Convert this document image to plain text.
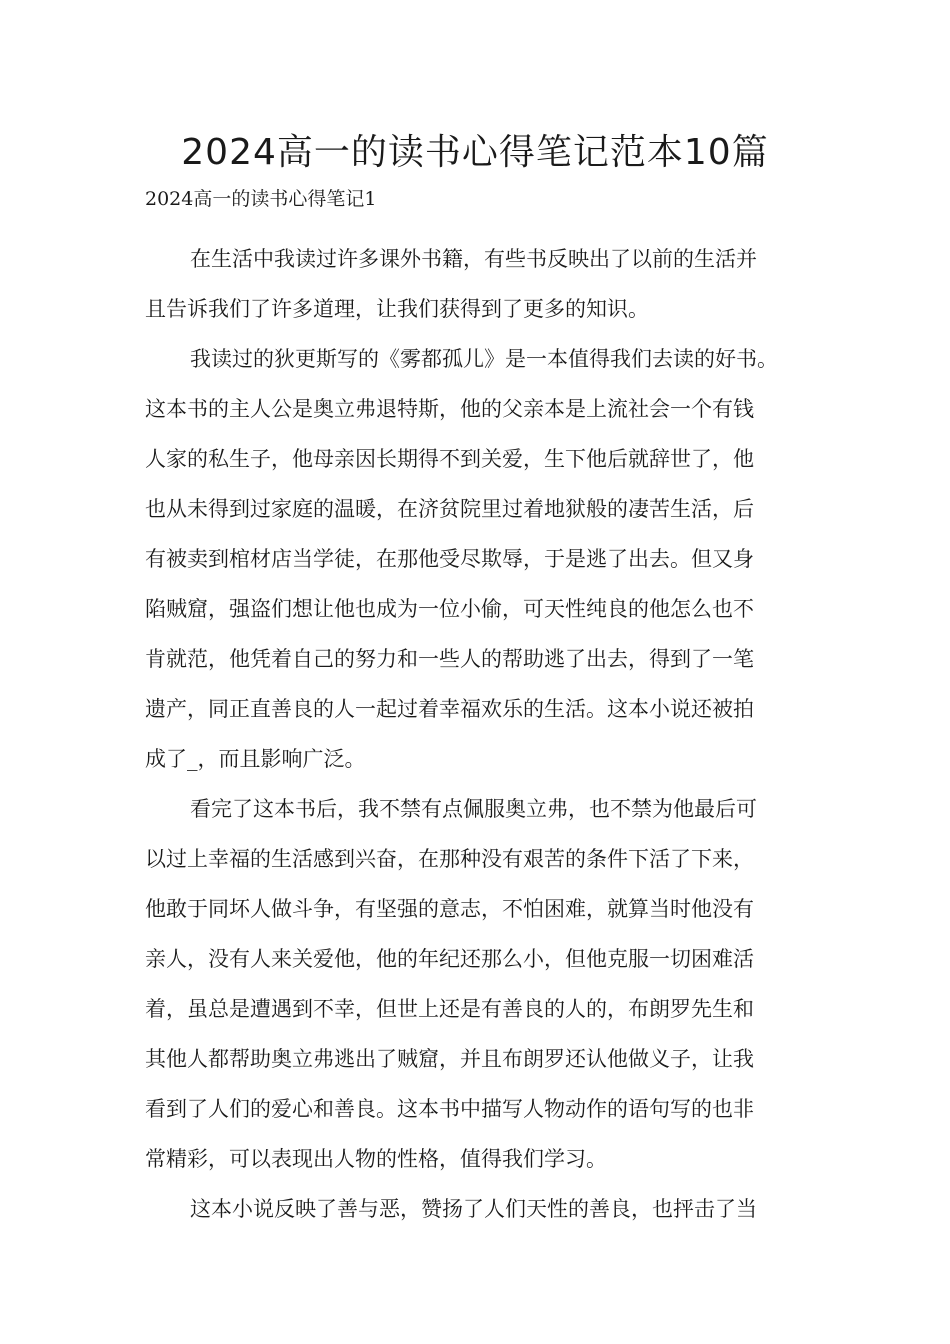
2024高一的读书心得笔记范本10篇

2024高一的读书心得笔记1

在生活中我读过许多课外书籍，有些书反映出了以前的生活并

且告诉我们了许多道理，让我们获得到了更多的知识。

我读过的狄更斯写的《雾都孤儿》是一本值得我们去读的好书。

这本书的主人公是奥立弗退特斯，他的父亲本是上流社会一个有钱

人家的私生子，他母亲因长期得不到关爱，生下他后就辞世了，他

也从未得到过家庭的温暖，在济贫院里过着地狱般的凄苦生活，后

有被卖到棺材店当学徒，在那他受尽欺辱，于是逃了出去。但又身

陷贼窟，强盗们想让他也成为一位小偷，可天性纯良的他怎么也不

肯就范，他凭着自己的努力和一些人的帮助逃了出去，得到了一笔

遗产，同正直善良的人一起过着幸福欢乐的生活。这本小说还被拍

成了_，而且影响广泛。

看完了这本书后，我不禁有点佩服奥立弗，也不禁为他最后可

以过上幸福的生活感到兴奋，在那种没有艰苦的条件下活了下来，

他敢于同坏人做斗争，有坚强的意志，不怕困难，就算当时他没有

亲人，没有人来关爱他，他的年纪还那么小，但他克服一切困难活

着，虽总是遭遇到不幸，但世上还是有善良的人的，布朗罗先生和

其他人都帮助奥立弗逃出了贼窟，并且布朗罗还认他做义子，让我

看到了人们的爱心和善良。这本书中描写人物动作的语句写的也非

常精彩，可以表现出人物的性格，值得我们学习。

这本小说反映了善与恶，赞扬了人们天性的善良，也抨击了当
